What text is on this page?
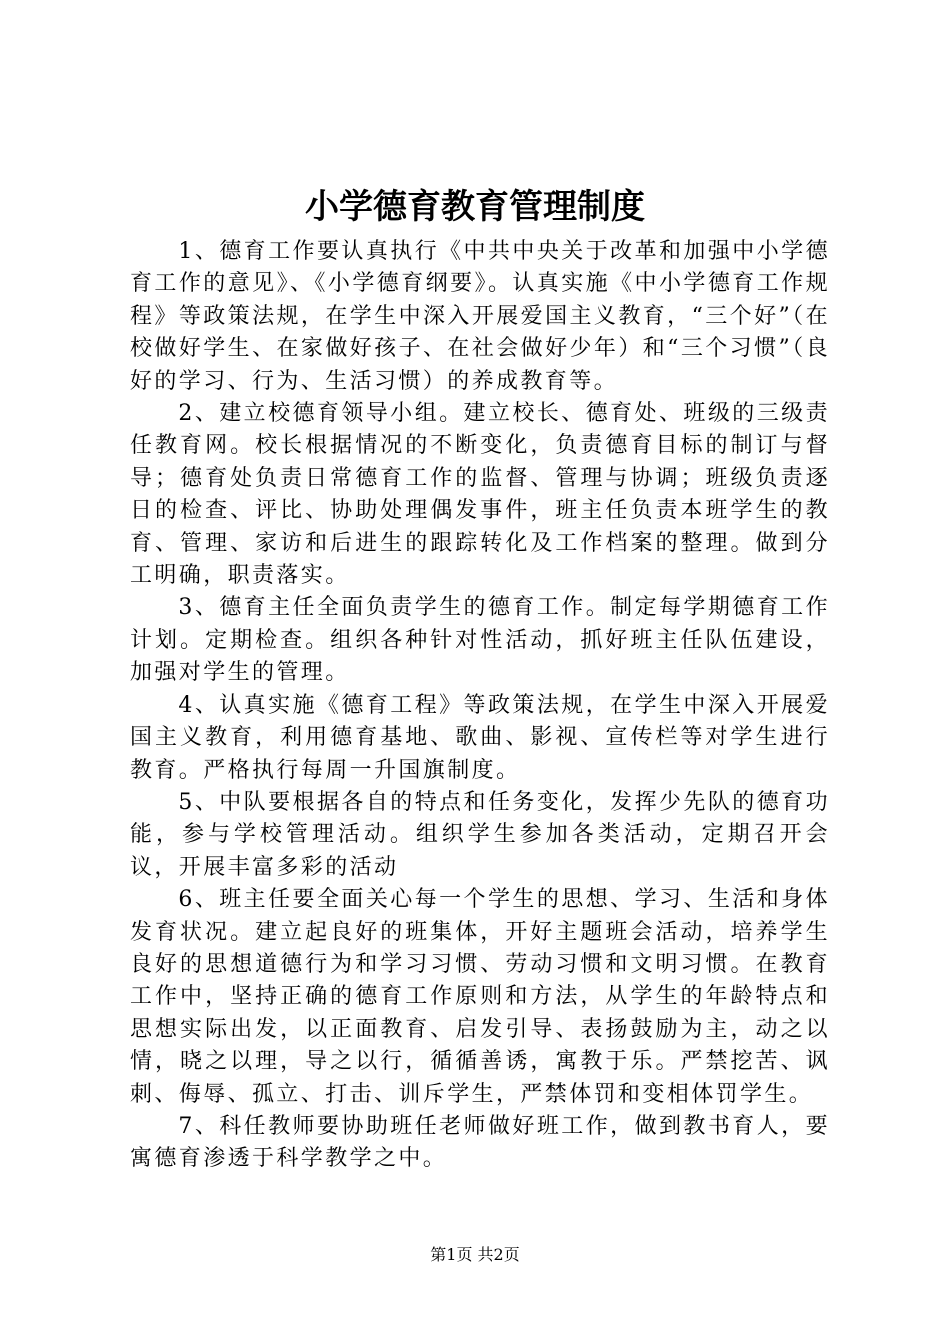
小学德育教育管理制度

1、德育工作要认真执行《中共中央关于改革和加强中小学德育工作的意见》、《小学德育纲要》。认真实施《中小学德育工作规程》等政策法规，在学生中深入开展爱国主义教育，“三个好”（在校做好学生、在家做好孩子、在社会做好少年）和“三个习惯”（良好的学习、行为、生活习惯）的养成教育等。

2、建立校德育领导小组。建立校长、德育处、班级的三级责任教育网。校长根据情况的不断变化，负责德育目标的制订与督导；德育处负责日常德育工作的监督、管理与协调；班级负责逐日的检查、评比、协助处理偶发事件，班主任负责本班学生的教育、管理、家访和后进生的跟踪转化及工作档案的整理。做到分工明确，职责落实。

3、德育主任全面负责学生的德育工作。制定每学期德育工作计划。定期检查。组织各种针对性活动，抓好班主任队伍建设，加强对学生的管理。

4、认真实施《德育工程》等政策法规，在学生中深入开展爱国主义教育，利用德育基地、歌曲、影视、宣传栏等对学生进行教育。严格执行每周一升国旗制度。

5、中队要根据各自的特点和任务变化，发挥少先队的德育功能，参与学校管理活动。组织学生参加各类活动，定期召开会议，开展丰富多彩的活动

6、班主任要全面关心每一个学生的思想、学习、生活和身体发育状况。建立起良好的班集体，开好主题班会活动，培养学生良好的思想道德行为和学习习惯、劳动习惯和文明习惯。在教育工作中，坚持正确的德育工作原则和方法，从学生的年龄特点和思想实际出发，以正面教育、启发引导、表扬鼓励为主，动之以情，晓之以理，导之以行，循循善诱，寓教于乐。严禁挖苦、讽刺、侮辱、孤立、打击、训斥学生，严禁体罚和变相体罚学生。

7、科任教师要协助班任老师做好班工作，做到教书育人，要寓德育渗透于科学教学之中。

第1页 共2页
